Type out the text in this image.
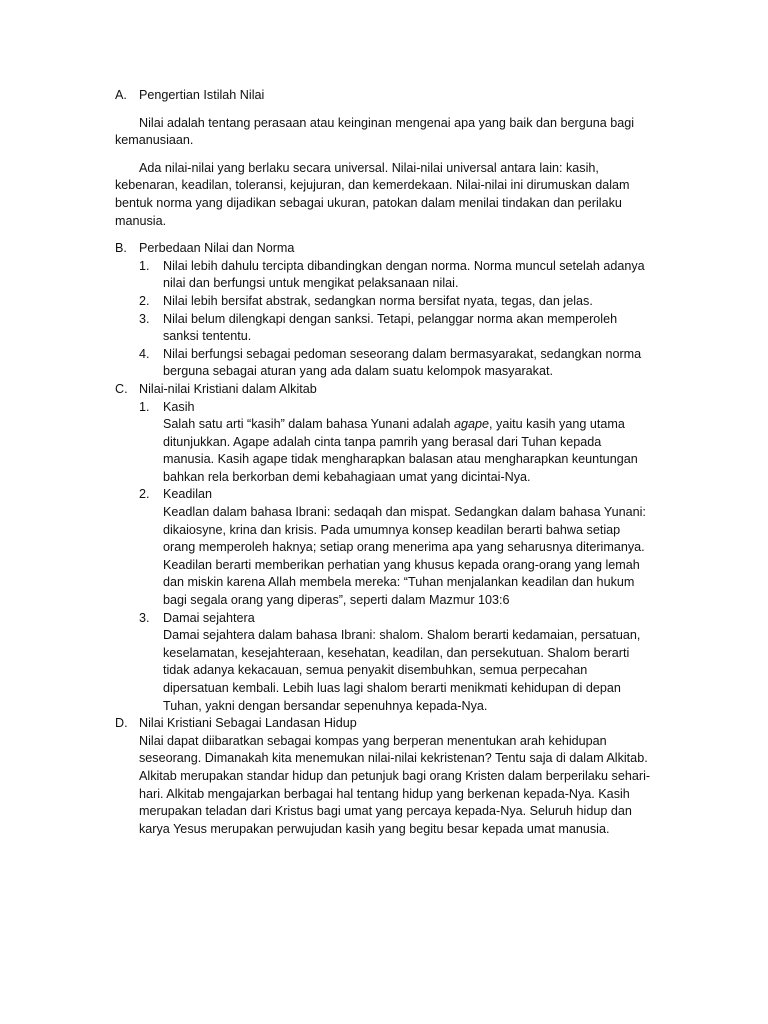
A. Pengertian Istilah Nilai

Nilai adalah tentang perasaan atau keinginan mengenai apa yang baik dan berguna bagi kemanusiaan.

Ada nilai-nilai yang berlaku secara universal. Nilai-nilai universal antara lain: kasih, kebenaran, keadilan, toleransi, kejujuran, dan kemerdekaan. Nilai-nilai ini dirumuskan dalam bentuk norma yang dijadikan sebagai ukuran, patokan dalam menilai tindakan dan perilaku manusia.

B. Perbedaan Nilai dan Norma
1.	Nilai lebih dahulu tercipta dibandingkan dengan norma. Norma muncul setelah adanya nilai dan berfungsi untuk mengikat pelaksanaan nilai.
2.	Nilai lebih bersifat abstrak, sedangkan norma bersifat nyata, tegas, dan jelas.
3.	Nilai belum dilengkapi dengan sanksi. Tetapi, pelanggar norma akan memperoleh sanksi tententu.
4.	Nilai berfungsi sebagai pedoman seseorang dalam bermasyarakat, sedangkan norma berguna sebagai aturan yang ada dalam suatu kelompok masyarakat.
C. Nilai-nilai Kristiani dalam Alkitab
1.	Kasih
Salah satu arti “kasih” dalam bahasa Yunani adalah agape, yaitu kasih yang utama ditunjukkan. Agape adalah cinta tanpa pamrih yang berasal dari Tuhan kepada manusia. Kasih agape tidak mengharapkan balasan atau mengharapkan keuntungan bahkan rela berkorban demi kebahagiaan umat yang dicintai-Nya.
2.	Keadilan
Keadlan dalam bahasa Ibrani: sedaqah dan mispat. Sedangkan dalam bahasa Yunani: dikaiosyne, krina dan krisis. Pada umumnya konsep keadilan berarti bahwa setiap orang memperoleh haknya; setiap orang menerima apa yang seharusnya diterimanya. Keadilan berarti memberikan perhatian yang khusus kepada orang-orang yang lemah dan miskin karena Allah membela mereka: “Tuhan menjalankan keadilan dan hukum bagi segala orang yang diperas”, seperti dalam Mazmur 103:6
3.	Damai sejahtera
Damai sejahtera dalam bahasa Ibrani: shalom. Shalom berarti kedamaian, persatuan, keselamatan, kesejahteraan, kesehatan, keadilan, dan persekutuan. Shalom berarti tidak adanya kekacauan, semua penyakit disembuhkan, semua perpecahan dipersatuan kembali. Lebih luas lagi shalom berarti menikmati kehidupan di depan Tuhan, yakni dengan bersandar sepenuhnya kepada-Nya.
D. Nilai Kristiani Sebagai Landasan Hidup

Nilai dapat diibaratkan sebagai kompas yang berperan menentukan arah kehidupan seseorang. Dimanakah kita menemukan nilai-nilai kekristenan? Tentu saja di dalam Alkitab. Alkitab merupakan standar hidup dan petunjuk bagi orang Kristen dalam berperilaku sehari-hari. Alkitab mengajarkan berbagai hal tentang hidup yang berkenan kepada-Nya. Kasih merupakan teladan dari Kristus bagi umat yang percaya kepada-Nya. Seluruh hidup dan karya Yesus merupakan perwujudan kasih yang begitu besar kepada umat manusia.
